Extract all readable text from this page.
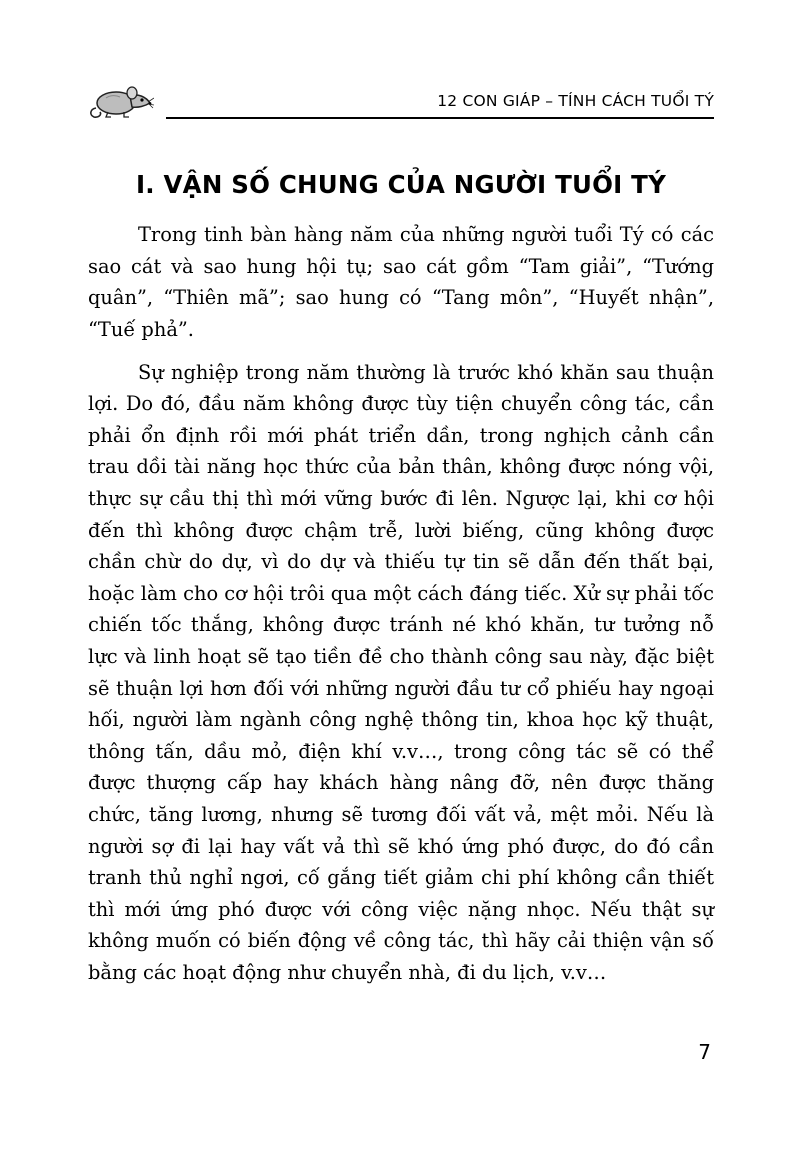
12 CON GIÁP – TÍNH CÁCH TUỔI TÝ
I. VẬN SỐ CHUNG CỦA NGƯỜI TUỔI TÝ

Trong tinh bàn hàng năm của những người tuổi Tý có các sao cát và sao hung hội tụ; sao cát gồm “Tam giải”, “Tướng quân”, “Thiên mã”; sao hung có “Tang môn”, “Huyết nhận”, “Tuế phả”.

Sự nghiệp trong năm thường là trước khó khăn sau thuận lợi. Do đó, đầu năm không được tùy tiện chuyển công tác, cần phải ổn định rồi mới phát triển dần, trong nghịch cảnh cần trau dồi tài năng học thức của bản thân, không được nóng vội, thực sự cầu thị thì mới vững bước đi lên. Ngược lại, khi cơ hội đến thì không được chậm trễ, lười biếng, cũng không được chần chừ do dự, vì do dự và thiếu tự tin sẽ dẫn đến thất bại, hoặc làm cho cơ hội trôi qua một cách đáng tiếc. Xử sự phải tốc chiến tốc thắng, không được tránh né khó khăn, tư tưởng nỗ lực và linh hoạt sẽ tạo tiền đề cho thành công sau này, đặc biệt sẽ thuận lợi hơn đối với những người đầu tư cổ phiếu hay ngoại hối, người làm ngành công nghệ thông tin, khoa học kỹ thuật, thông tấn, dầu mỏ, điện khí v.v…, trong công tác sẽ có thể được thượng cấp hay khách hàng nâng đỡ, nên được thăng chức, tăng lương, nhưng sẽ tương đối vất vả, mệt mỏi. Nếu là người sợ đi lại hay vất vả thì sẽ khó ứng phó được, do đó cần tranh thủ nghỉ ngơi, cố gắng tiết giảm chi phí không cần thiết thì mới ứng phó được với công việc nặng nhọc. Nếu thật sự không muốn có biến động về công tác, thì hãy cải thiện vận số bằng các hoạt động như chuyển nhà, đi du lịch, v.v…

7
